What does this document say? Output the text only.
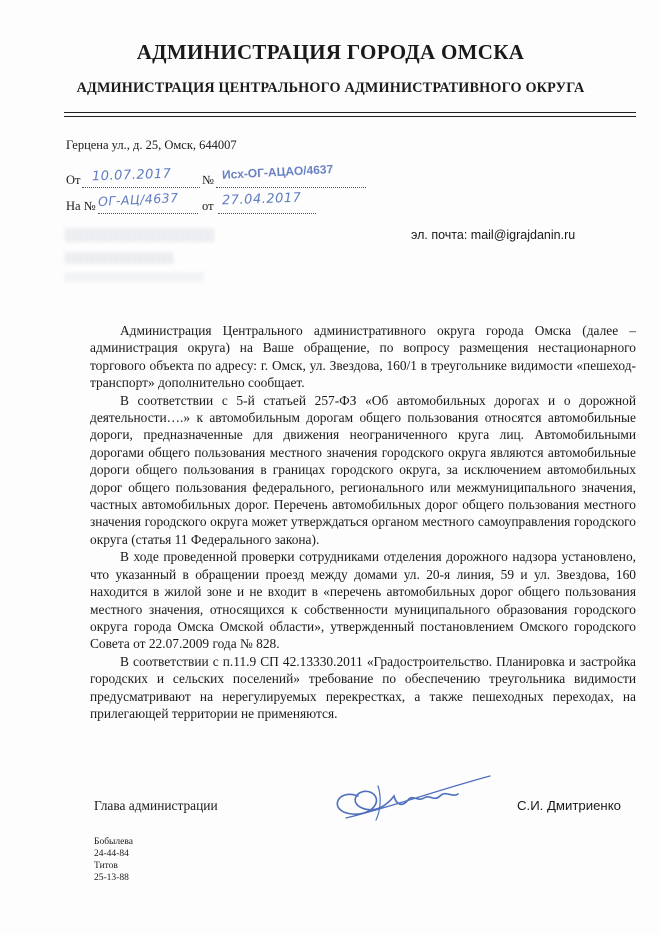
АДМИНИСТРАЦИЯ ГОРОДА ОМСКА
АДМИНИСТРАЦИЯ ЦЕНТРАЛЬНОГО АДМИНИСТРАТИВНОГО ОКРУГА
Герцена ул., д. 25, Омск, 644007
От 10.07.2017 № Исх-ОГ-АЦАО/4637
На № ОГ-АЦ/4637 от 27.04.2017
эл. почта: mail@igrajdanin.ru

Администрация Центрального административного округа города Омска (далее – администрация округа) на Ваше обращение, по вопросу размещения нестационарного торгового объекта по адресу: г. Омск, ул. Звездова, 160/1 в треугольнике видимости «пешеход-транспорт» дополнительно сообщает.

В соответствии с 5-й статьей 257-ФЗ «Об автомобильных дорогах и о дорожной деятельности….» к автомобильным дорогам общего пользования относятся автомобильные дороги, предназначенные для движения неограниченного круга лиц. Автомобильными дорогами общего пользования местного значения городского округа являются автомобильные дороги общего пользования в границах городского округа, за исключением автомобильных дорог общего пользования федерального, регионального или межмуниципального значения, частных автомобильных дорог. Перечень автомобильных дорог общего пользования местного значения городского округа может утверждаться органом местного самоуправления городского округа (статья 11 Федерального закона).

В ходе проведенной проверки сотрудниками отделения дорожного надзора установлено, что указанный в обращении проезд между домами ул. 20-я линия, 59 и ул. Звездова, 160 находится в жилой зоне и не входит в «перечень автомобильных дорог общего пользования местного значения, относящихся к собственности муниципального образования городского округа города Омска Омской области», утвержденный постановлением Омского городского Совета от 22.07.2009 года № 828.

В соответствии с п.11.9 СП 42.13330.2011 «Градостроительство. Планировка и застройка городских и сельских поселений» требование по обеспечению треугольника видимости предусматривают на нерегулируемых перекрестках, а также пешеходных переходах, на прилегающей территории не применяются.

Глава администрации	С.И. Дмитриенко
Бобылева
24-44-84
Титов
25-13-88
